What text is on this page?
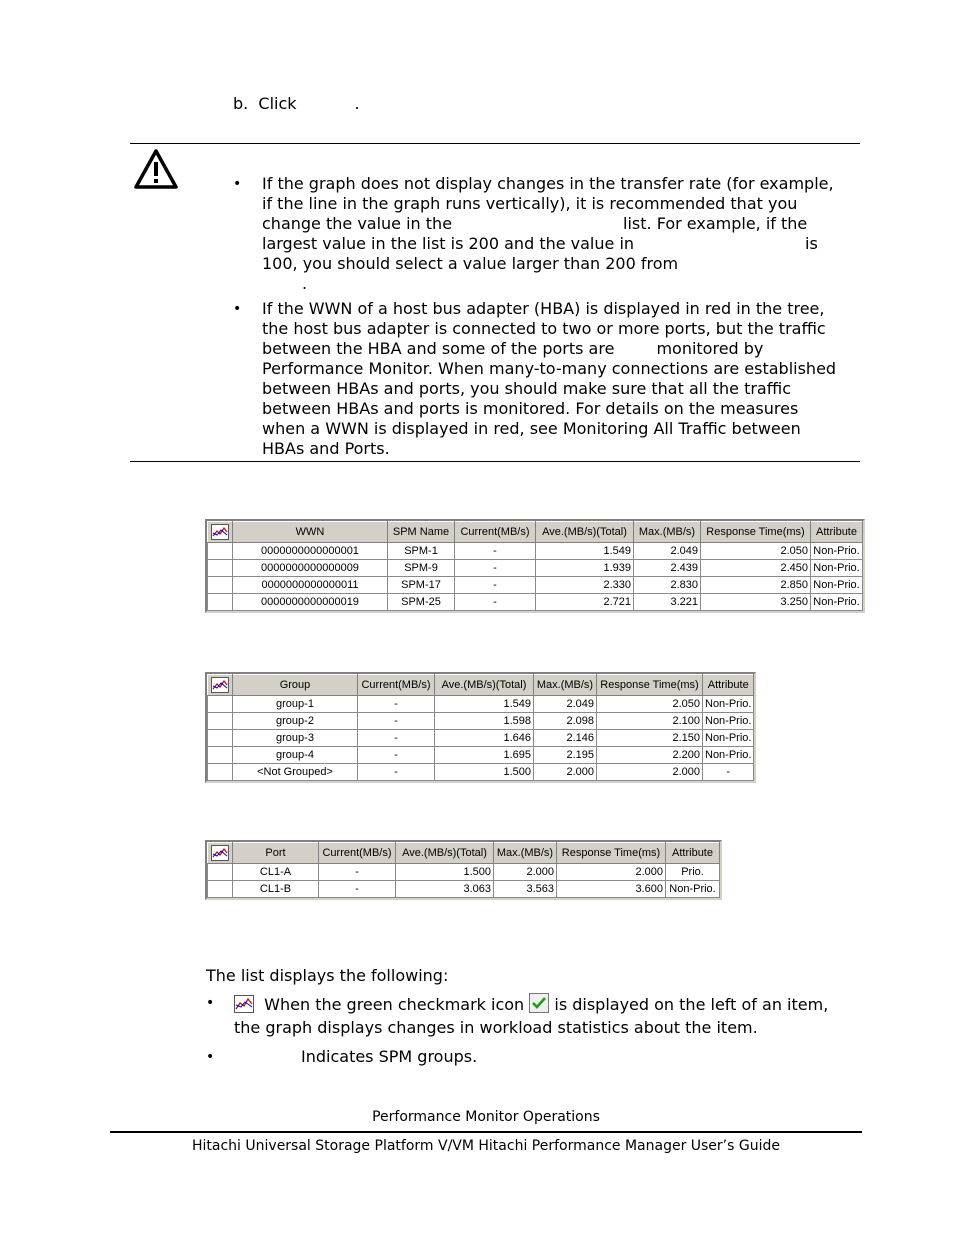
b. Click	.
• If the graph does not display changes in the transfer rate (for example,
if the line in the graph runs vertically), it is recommended that you
change the value in the	list. For example, if the
largest value in the list is 200 and the value in	is
100, you should select a value larger than 200 from
.
• If the WWN of a host bus adapter (HBA) is displayed in red in the tree,
the host bus adapter is connected to two or more ports, but the traffic
between the HBA and some of the ports are	monitored by
Performance Monitor. When many-to-many connections are established
between HBAs and ports, you should make sure that all the traffic
between HBAs and ports is monitored. For details on the measures
when a WWN is displayed in red, see Monitoring All Traffic between
HBAs and Ports.
	WWN	SPM Name	Current(MB/s)	Ave.(MB/s)(Total)	Max.(MB/s)	Response Time(ms)	Attribute
	0000000000000001	SPM-1	-	1.549	2.049	2.050	Non-Prio.
	0000000000000009	SPM-9	-	1.939	2.439	2.450	Non-Prio.
	0000000000000011	SPM-17	-	2.330	2.830	2.850	Non-Prio.
	0000000000000019	SPM-25	-	2.721	3.221	3.250	Non-Prio.
	Group	Current(MB/s)	Ave.(MB/s)(Total)	Max.(MB/s)	Response Time(ms)	Attribute
	group-1	-	1.549	2.049	2.050	Non-Prio.
	group-2	-	1.598	2.098	2.100	Non-Prio.
	group-3	-	1.646	2.146	2.150	Non-Prio.
	group-4	-	1.695	2.195	2.200	Non-Prio.
	<Not Grouped>	-	1.500	2.000	2.000	-
	Port	Current(MB/s)	Ave.(MB/s)(Total)	Max.(MB/s)	Response Time(ms)	Attribute
	CL1-A	-	1.500	2.000	2.000	Prio.
	CL1-B	-	3.063	3.563	3.600	Non-Prio.
The list displays the following:
• When the green checkmark icon is displayed on the left of an item,
the graph displays changes in workload statistics about the item.
• Indicates SPM groups.
Performance Monitor Operations
Hitachi Universal Storage Platform V/VM Hitachi Performance Manager User’s Guide
